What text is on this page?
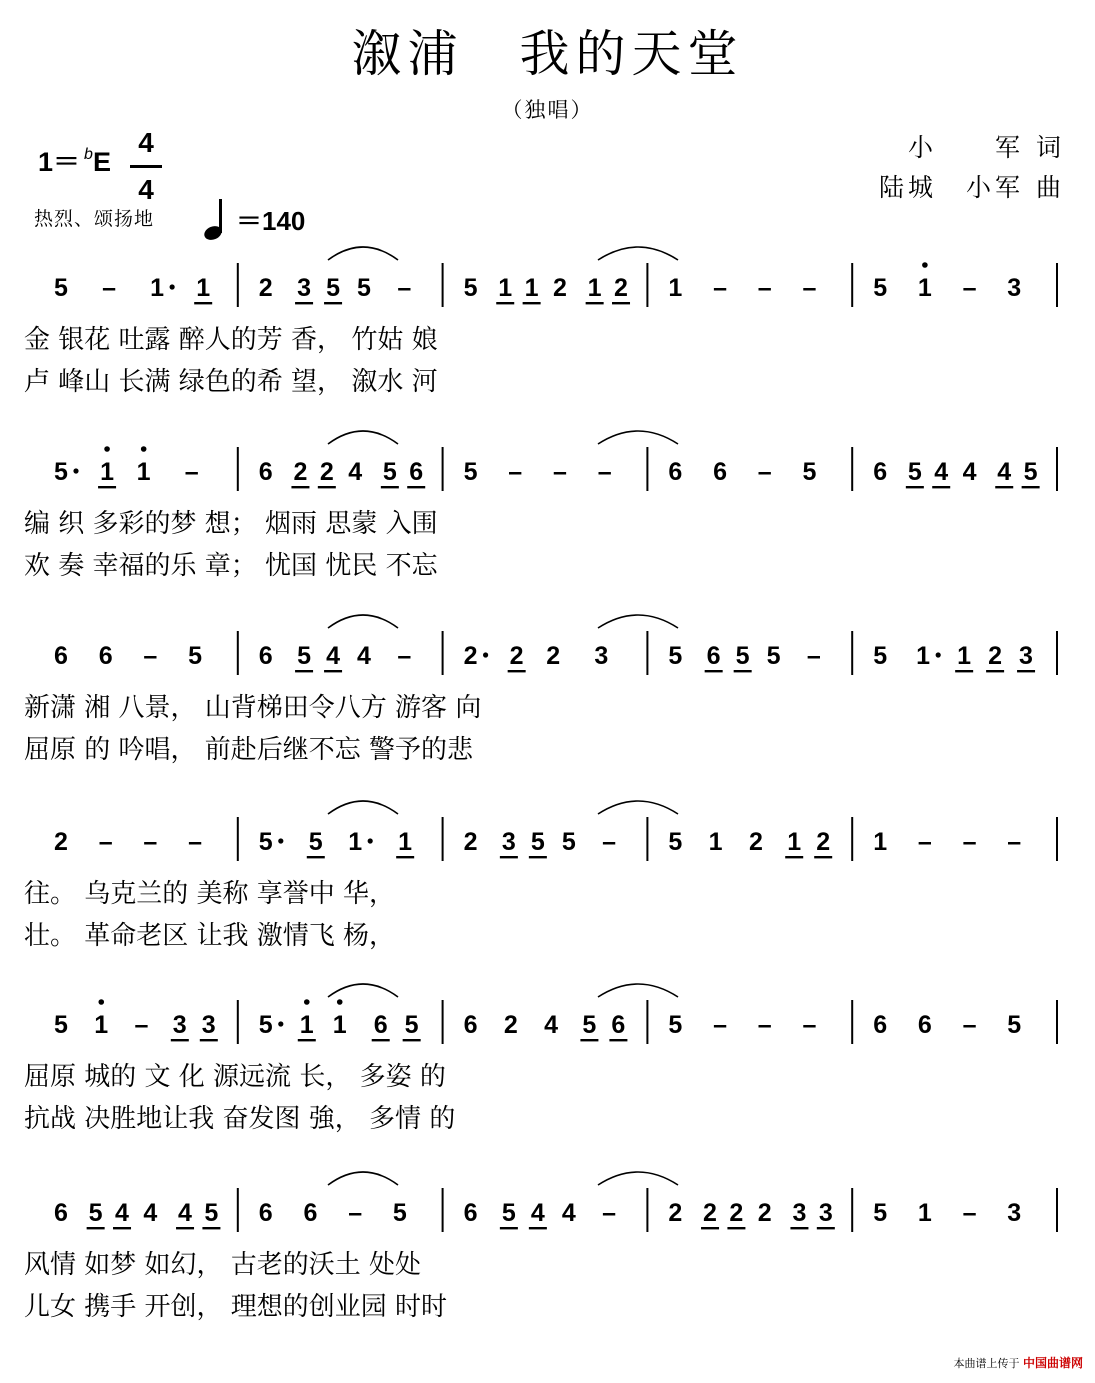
溆浦　我的天堂
（独唱）
1＝ $^b$E
4
4
热烈、颂扬地	＝140
小　　军 词
陆城　小军 曲
5 – 1 1 2 3 5 5 – 5 1 1 2 1 2 1 – – – 5 1 – 3
金 银花 吐露 醉人的芳 香， 竹姑 娘
卢 峰山 长满 绿色的希 望， 溆水 河
5 1 1 – 6 2 2 4 5 6 5 – – – 6 6 – 5 6 5 4 4 4 5
编 织 多彩的梦 想； 烟雨 思蒙 入围
欢 奏 幸福的乐 章； 忧国 忧民 不忘
6 6 – 5 6 5 4 4 – 2 2 2 3 5 6 5 5 – 5 1 1 2 3
新潇 湘 八景， 山背梯田令八方 游客 向
屈原 的 吟唱， 前赴后继不忘 警予的悲
2 – – – 5 5 1 1 2 3 5 5 – 5 1 2 1 2 1 – – –
往。 乌克兰的 美称 享誉中 华，
壮。 革命老区 让我 激情飞 杨，
5 1 – 3 3 5 1 1 6 5 6 2 4 5 6 5 – – – 6 6 – 5
屈原 城的 文 化 源远流 长， 多姿 的
抗战 决胜地让我 奋发图 強， 多情 的
6 5 4 4 4 5 6 6 – 5 6 5 4 4 – 2 2 2 2 3 3 5 1 – 3
风情 如梦 如幻， 古老的沃土 处处
儿女 携手 开创， 理想的创业园 时时
本曲谱上传于 中国曲谱网
